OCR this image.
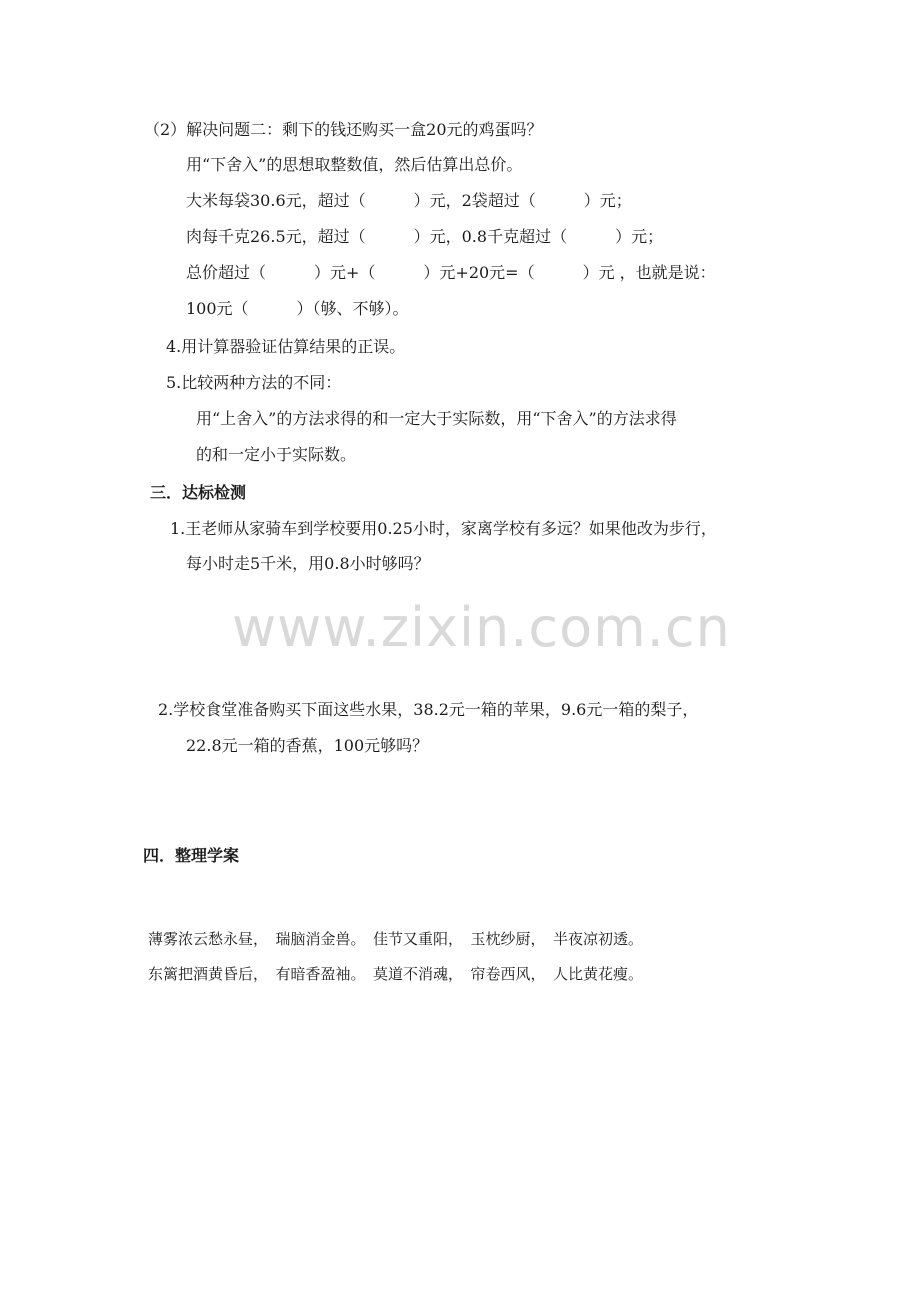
（2）解决问题二：剩下的钱还购买一盒20元的鸡蛋吗？
用“下舍入”的思想取整数值，然后估算出总价。
大米每袋30.6元，超过（　　　）元，2袋超过（　　　）元；
肉每千克26.5元，超过（　　　）元，0.8千克超过（　　　）元；
总价超过（　　　）元+（　　　）元+20元=（　　　）元 ，也就是说：
100元（　　　）（够、不够）。
4.用计算器验证估算结果的正误。
5.比较两种方法的不同：
用“上舍入”的方法求得的和一定大于实际数，用“下舍入”的方法求得
的和一定小于实际数。
三．达标检测
1.王老师从家骑车到学校要用0.25小时，家离学校有多远？如果他改为步行，
每小时走5千米，用0.8小时够吗？
www.zixin.com.cn
2.学校食堂准备购买下面这些水果，38.2元一箱的苹果，9.6元一箱的梨子，
22.8元一箱的香蕉，100元够吗？
四．整理学案
薄雾浓云愁永昼，　瑞脑消金兽。　佳节又重阳，　玉枕纱厨，　半夜凉初透。
东篱把酒黄昏后，　有暗香盈袖。　莫道不消魂，　帘卷西风，　人比黄花瘦。
